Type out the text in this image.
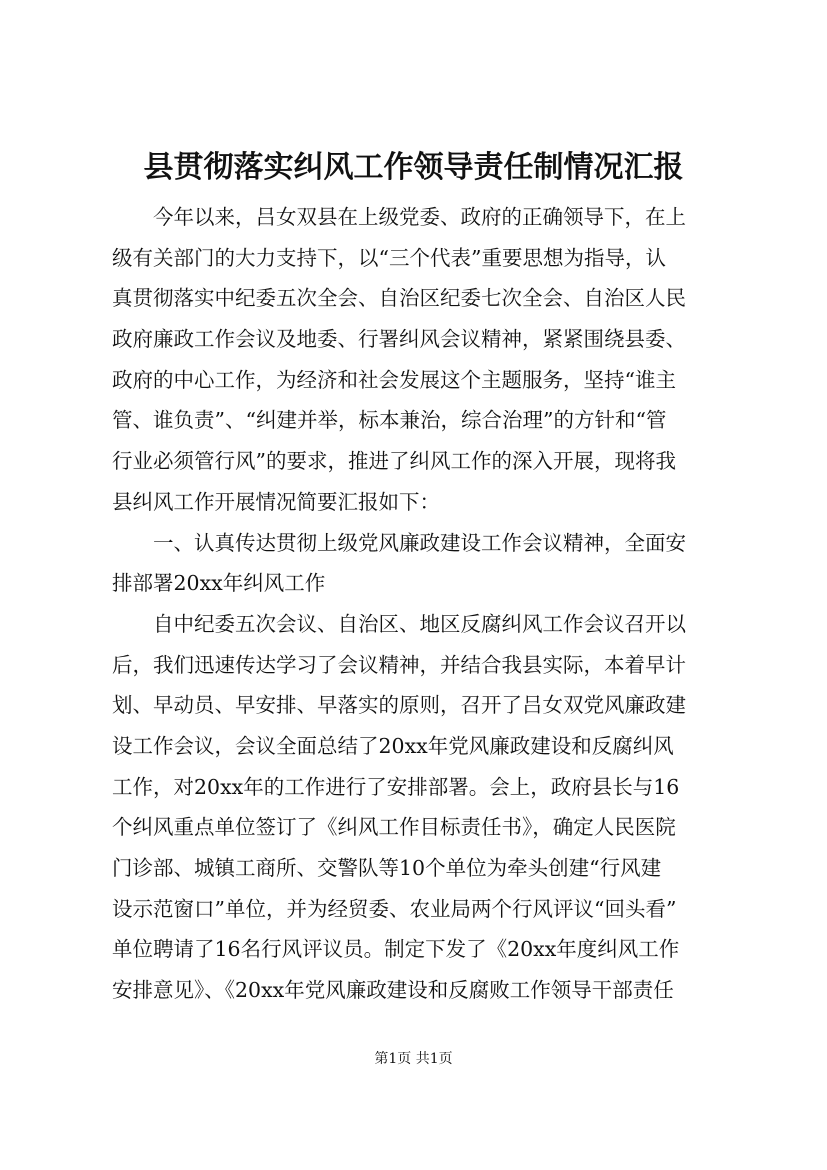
县贯彻落实纠风工作领导责任制情况汇报
　　今年以来，吕女双县在上级党委、政府的正确领导下，在上
级有关部门的大力支持下，以“三个代表”重要思想为指导，认
真贯彻落实中纪委五次全会、自治区纪委七次全会、自治区人民
政府廉政工作会议及地委、行署纠风会议精神，紧紧围绕县委、
政府的中心工作，为经济和社会发展这个主题服务，坚持“谁主
管、谁负责”、“纠建并举，标本兼治，综合治理”的方针和“管
行业必须管行风”的要求，推进了纠风工作的深入开展，现将我
县纠风工作开展情况简要汇报如下：
　　一、认真传达贯彻上级党风廉政建设工作会议精神，全面安
排部署20xx年纠风工作
　　自中纪委五次会议、自治区、地区反腐纠风工作会议召开以
后，我们迅速传达学习了会议精神，并结合我县实际，本着早计
划、早动员、早安排、早落实的原则，召开了吕女双党风廉政建
设工作会议，会议全面总结了20xx年党风廉政建设和反腐纠风
工作，对20xx年的工作进行了安排部署。会上，政府县长与16
个纠风重点单位签订了《纠风工作目标责任书》，确定人民医院
门诊部、城镇工商所、交警队等10个单位为牵头创建“行风建
设示范窗口”单位，并为经贸委、农业局两个行风评议“回头看”
单位聘请了16名行风评议员。制定下发了《20xx年度纠风工作
安排意见》、《20xx年党风廉政建设和反腐败工作领导干部责任
第1页 共1页
